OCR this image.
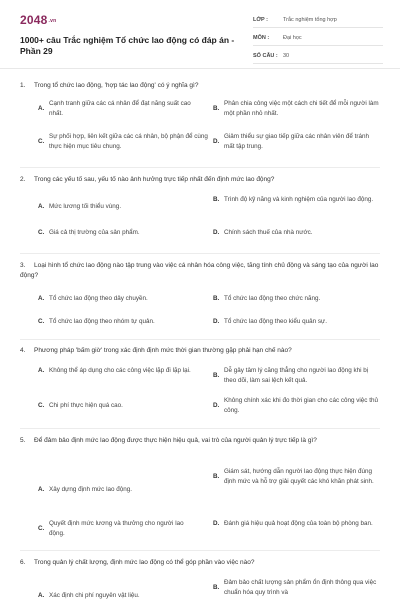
2048.vn
1000+ câu Trắc nghiệm Tổ chức lao động có đáp án - Phần 29
LỚP :	Trắc nghiệm tổng hợp
MÔN :	Đại học
SỐ CÂU : 30
1. Trong tổ chức lao động, 'hợp tác lao động' có ý nghĩa gì?
A.
Cạnh tranh giữa các cá nhân để đạt năng suất cao nhất.
B.
Phân chia công việc một cách chi tiết để mỗi người làm một phần nhỏ nhất.
C.
Sự phối hợp, liên kết giữa các cá nhân, bộ phận để cùng thực hiện mục tiêu chung.
D.
Giảm thiểu sự giao tiếp giữa các nhân viên để tránh mất tập trung.
2. Trong các yếu tố sau, yếu tố nào ảnh hưởng trực tiếp nhất đến định mức lao động?
A. Mức lương tối thiểu vùng.
B. Trình độ kỹ năng và kinh nghiệm của người lao động.
C. Giá cả thị trường của sản phẩm.	D. Chính sách thuế của nhà nước.
3. Loại hình tổ chức lao động nào tập trung vào việc cá nhân hóa công việc, tăng tính chủ động và sáng tạo của người lao động?
A. Tổ chức lao động theo dây chuyền.	B. Tổ chức lao động theo chức năng.
C. Tổ chức lao động theo nhóm tự quản.	D. Tổ chức lao động theo kiểu quân sự.
4. Phương pháp 'bấm giờ' trong xác định định mức thời gian thường gặp phải hạn chế nào?
A. Không thể áp dụng cho các công việc lặp đi lặp lại.
B.
Dễ gây tâm lý căng thẳng cho người lao động khi bị theo dõi, làm sai lệch kết quả.
C. Chi phí thực hiện quá cao.	D.
Không chính xác khi đo thời gian cho các công việc thủ công.
5. Để đảm bảo định mức lao động được thực hiện hiệu quả, vai trò của người quản lý trực tiếp là gì?
A. Xây dựng định mức lao động.
B.
Giám sát, hướng dẫn người lao động thực hiện đúng định mức và hỗ trợ giải quyết các khó khăn phát sinh.
C.
Quyết định mức lương và thưởng cho người lao động.
D. Đánh giá hiệu quả hoạt động của toàn bộ phòng ban.
6. Trong quản lý chất lượng, định mức lao động có thể góp phần vào việc nào?
A. Xác định chi phí nguyên vật liệu.
B.
Đảm bảo chất lượng sản phẩm ổn định thông qua việc chuẩn hóa quy trình và
